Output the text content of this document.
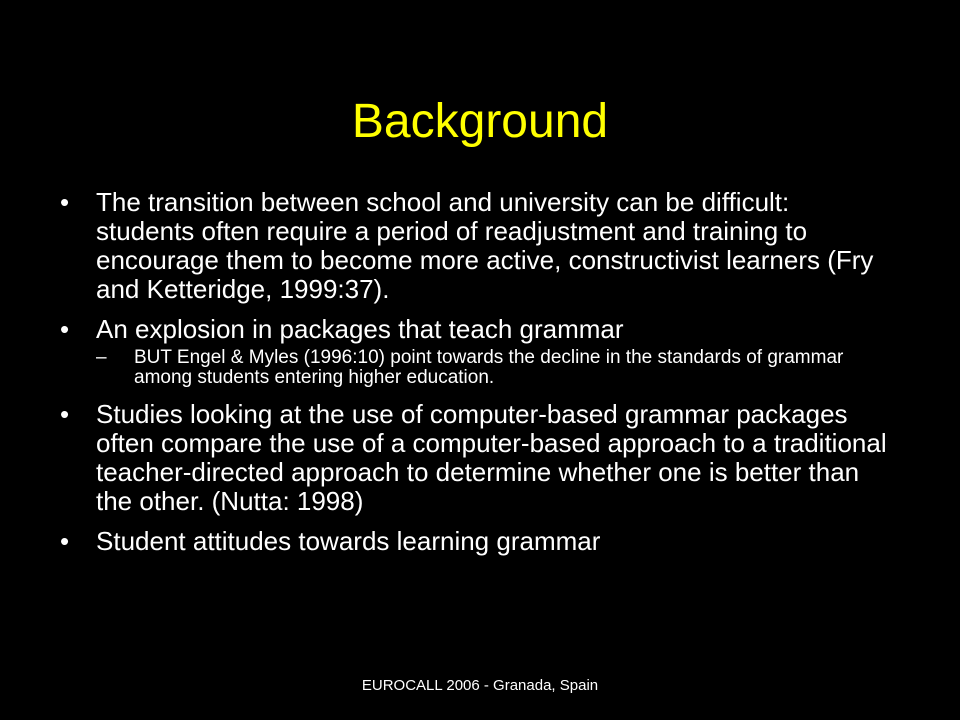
Background
• The transition between school and university can be difficult: students often require a period of readjustment and training to encourage them to become more active, constructivist learners (Fry and Ketteridge, 1999:37).
• An explosion in packages that teach grammar
– BUT Engel & Myles (1996:10) point towards the decline in the standards of grammar among students entering higher education.
• Studies looking at the use of computer-based grammar packages often compare the use of a computer-based approach to a traditional teacher-directed approach to determine whether one is better than the other. (Nutta: 1998)
• Student attitudes towards learning grammar
EUROCALL 2006 - Granada, Spain
